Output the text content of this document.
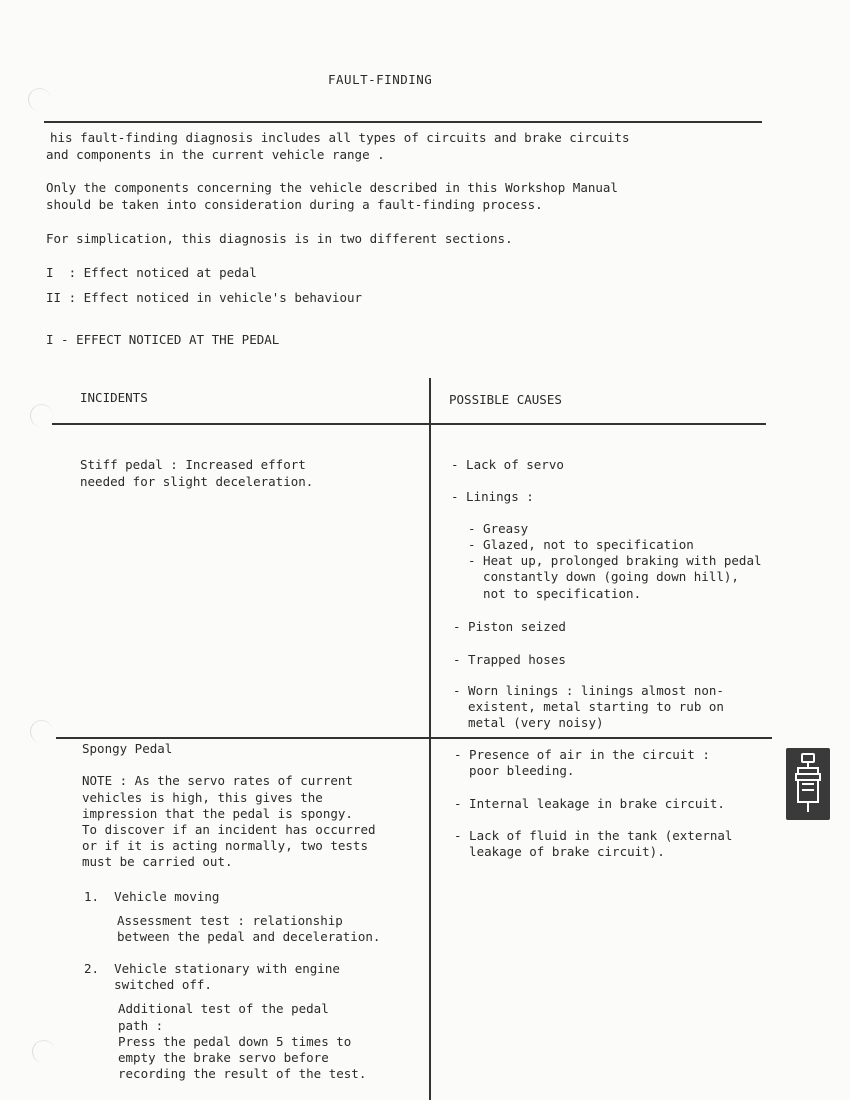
FAULT-FINDING
his fault-finding diagnosis includes all types of circuits and brake circuits
and components in the current vehicle range .
Only the components concerning the vehicle described in this Workshop Manual
should be taken into consideration during a fault-finding process.
For simplication, this diagnosis is in two different sections.
I  : Effect noticed at pedal
II : Effect noticed in vehicle's behaviour
I - EFFECT NOTICED AT THE PEDAL
INCIDENTS	POSSIBLE CAUSES
Stiff pedal : Increased effort
needed for slight deceleration.
- Lack of servo
- Linings :
- Greasy
- Glazed, not to specification
- Heat up, prolonged braking with pedal
constantly down (going down hill),
not to specification.
- Piston seized
- Trapped hoses
- Worn linings : linings almost non-
existent, metal starting to rub on
metal (very noisy)
Spongy Pedal
NOTE : As the servo rates of current
vehicles is high, this gives the
impression that the pedal is spongy.
To discover if an incident has occurred
or if it is acting normally, two tests
must be carried out.
1.  Vehicle moving
Assessment test : relationship
between the pedal and deceleration.
2.  Vehicle stationary with engine
switched off.
Additional test of the pedal
path :
Press the pedal down 5 times to
empty the brake servo before
recording the result of the test.
- Presence of air in the circuit :
poor bleeding.
- Internal leakage in brake circuit.
- Lack of fluid in the tank (external
leakage of brake circuit).
